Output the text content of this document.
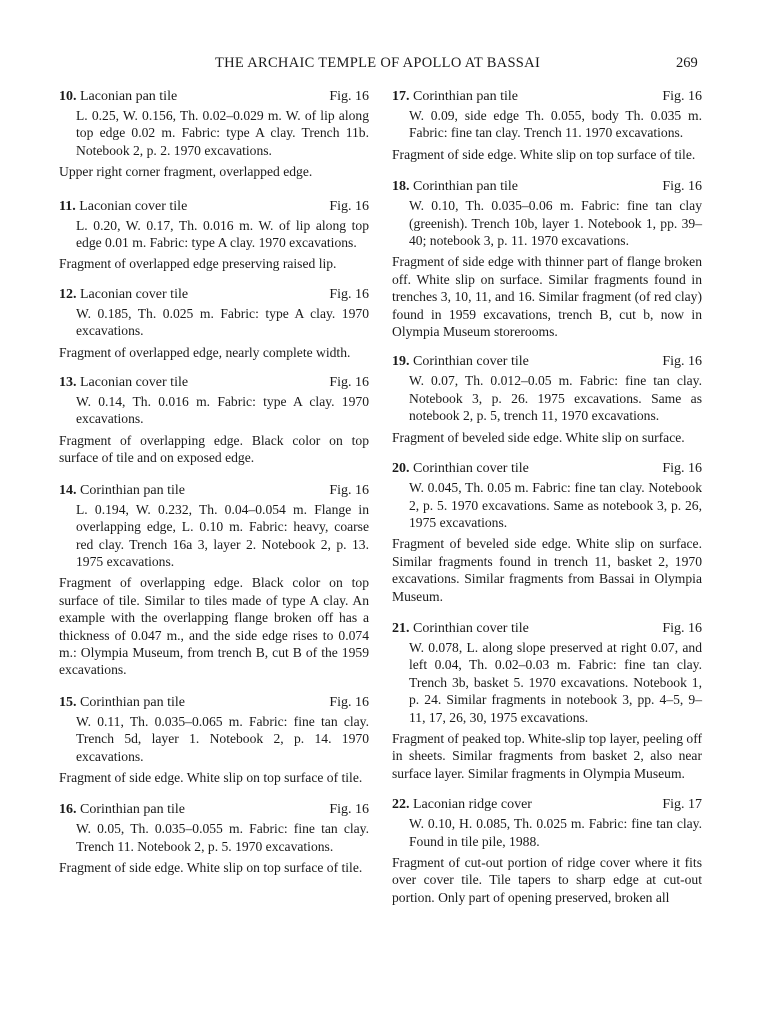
THE ARCHAIC TEMPLE OF APOLLO AT BASSAI	269
10. Laconian pan tile	Fig. 16

L. 0.25, W. 0.156, Th. 0.02–0.029 m. W. of lip along top edge 0.02 m. Fabric: type A clay. Trench 11b. Notebook 2, p. 2. 1970 excavations.

Upper right corner fragment, overlapped edge.

11. Laconian cover tile	Fig. 16

L. 0.20, W. 0.17, Th. 0.016 m. W. of lip along top edge 0.01 m. Fabric: type A clay. 1970 excavations.

Fragment of overlapped edge preserving raised lip.

12. Laconian cover tile	Fig. 16

W. 0.185, Th. 0.025 m. Fabric: type A clay. 1970 excavations.

Fragment of overlapped edge, nearly complete width.

13. Laconian cover tile	Fig. 16

W. 0.14, Th. 0.016 m. Fabric: type A clay. 1970 excavations.

Fragment of overlapping edge. Black color on top surface of tile and on exposed edge.

14. Corinthian pan tile	Fig. 16

L. 0.194, W. 0.232, Th. 0.04–0.054 m. Flange in overlapping edge, L. 0.10 m. Fabric: heavy, coarse red clay. Trench 16a 3, layer 2. Notebook 2, p. 13. 1975 excavations.

Fragment of overlapping edge. Black color on top surface of tile. Similar to tiles made of type A clay. An example with the overlapping flange broken off has a thickness of 0.047 m., and the side edge rises to 0.074 m.: Olympia Museum, from trench B, cut B of the 1959 excavations.

15. Corinthian pan tile	Fig. 16

W. 0.11, Th. 0.035–0.065 m. Fabric: fine tan clay. Trench 5d, layer 1. Notebook 2, p. 14. 1970 excavations.

Fragment of side edge. White slip on top surface of tile.

16. Corinthian pan tile	Fig. 16

W. 0.05, Th. 0.035–0.055 m. Fabric: fine tan clay. Trench 11. Notebook 2, p. 5. 1970 excavations.

Fragment of side edge. White slip on top surface of tile.

17. Corinthian pan tile	Fig. 16

W. 0.09, side edge Th. 0.055, body Th. 0.035 m. Fabric: fine tan clay. Trench 11. 1970 excavations.

Fragment of side edge. White slip on top surface of tile.

18. Corinthian pan tile	Fig. 16

W. 0.10, Th. 0.035–0.06 m. Fabric: fine tan clay (greenish). Trench 10b, layer 1. Notebook 1, pp. 39–40; notebook 3, p. 11. 1970 excavations.

Fragment of side edge with thinner part of flange broken off. White slip on surface. Similar fragments found in trenches 3, 10, 11, and 16. Similar fragment (of red clay) found in 1959 excavations, trench B, cut b, now in Olympia Museum storerooms.

19. Corinthian cover tile	Fig. 16

W. 0.07, Th. 0.012–0.05 m. Fabric: fine tan clay. Notebook 3, p. 26. 1975 excavations. Same as notebook 2, p. 5, trench 11, 1970 excavations.

Fragment of beveled side edge. White slip on surface.

20. Corinthian cover tile	Fig. 16

W. 0.045, Th. 0.05 m. Fabric: fine tan clay. Notebook 2, p. 5. 1970 excavations. Same as notebook 3, p. 26, 1975 excavations.

Fragment of beveled side edge. White slip on surface. Similar fragments found in trench 11, basket 2, 1970 excavations. Similar fragments from Bassai in Olympia Museum.

21. Corinthian cover tile	Fig. 16

W. 0.078, L. along slope preserved at right 0.07, and left 0.04, Th. 0.02–0.03 m. Fabric: fine tan clay. Trench 3b, basket 5. 1970 excavations. Notebook 1, p. 24. Similar fragments in notebook 3, pp. 4–5, 9–11, 17, 26, 30, 1975 excavations.

Fragment of peaked top. White-slip top layer, peeling off in sheets. Similar fragments from basket 2, also near surface layer. Similar fragments in Olympia Museum.

22. Laconian ridge cover	Fig. 17

W. 0.10, H. 0.085, Th. 0.025 m. Fabric: fine tan clay. Found in tile pile, 1988.

Fragment of cut-out portion of ridge cover where it fits over cover tile. Tile tapers to sharp edge at cut-out portion. Only part of opening preserved, broken all
